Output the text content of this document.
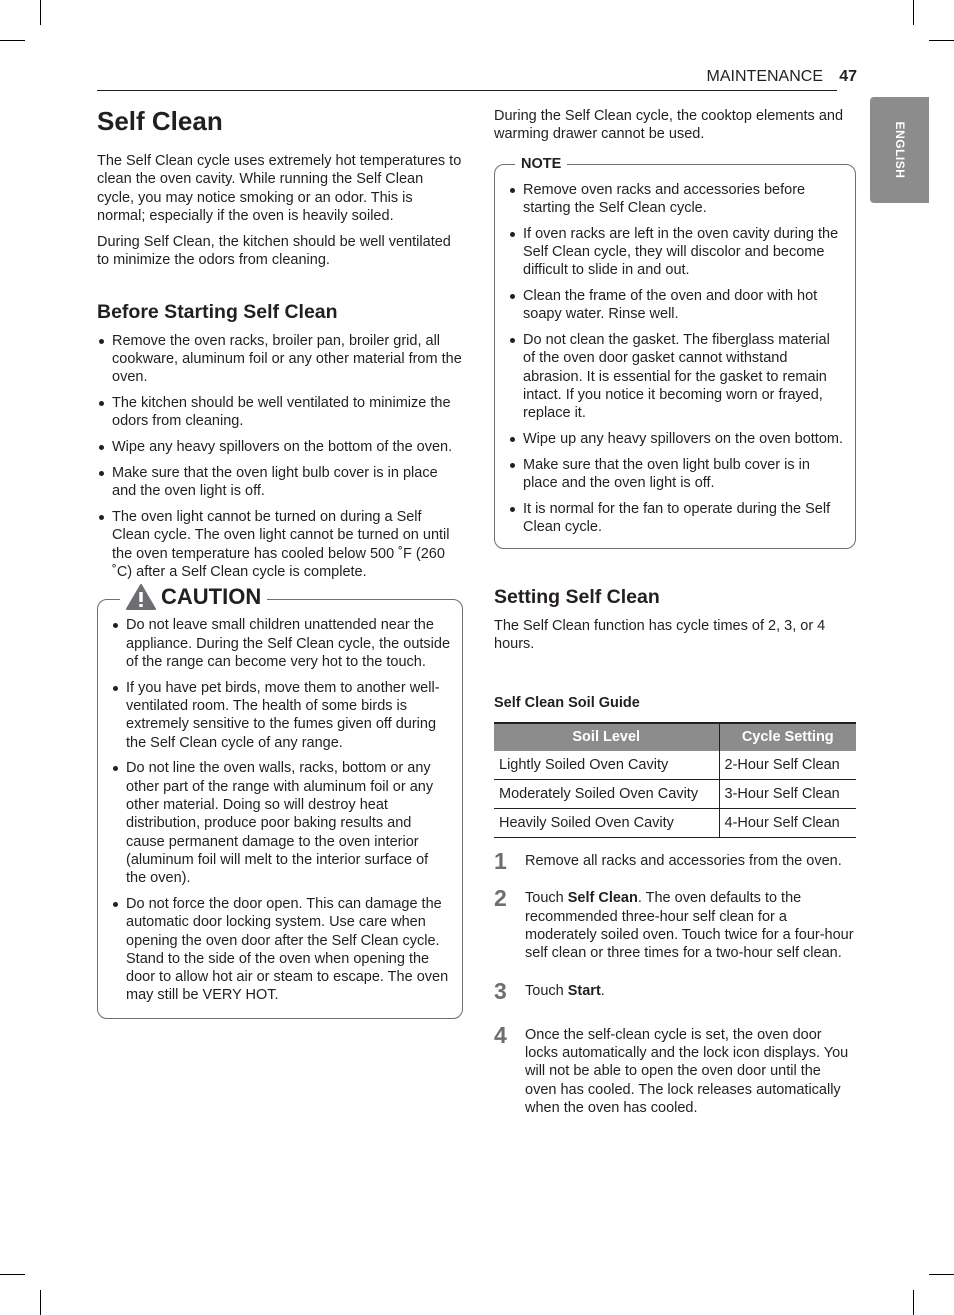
MAINTENANCE 47
ENGLISH
Self Clean

The Self Clean cycle uses extremely hot temperatures to clean the oven cavity. While running the Self Clean cycle, you may notice smoking or an odor. This is normal; especially if the oven is heavily soiled.

During Self Clean, the kitchen should be well ventilated to minimize the odors from cleaning.

Before Starting Self Clean
Remove the oven racks, broiler pan, broiler grid, all cookware, aluminum foil or any other material from the oven.
The kitchen should be well ventilated to minimize the odors from cleaning.
Wipe any heavy spillovers on the bottom of the oven.
Make sure that the oven light bulb cover is in place and the oven light is off.
The oven light cannot be turned on during a Self Clean cycle. The oven light cannot be turned on until the oven temperature has cooled below 500 ˚F (260 ˚C) after a Self Clean cycle is complete.
CAUTION
Do not leave small children unattended near the appliance. During the Self Clean cycle, the outside of the range can become very hot to the touch.
If you have pet birds, move them to another well-ventilated room. The health of some birds is extremely sensitive to the fumes given off during the Self Clean cycle of any range.
Do not line the oven walls, racks, bottom or any other part of the range with aluminum foil or any other material. Doing so will destroy heat distribution, produce poor baking results and cause permanent damage to the oven interior (aluminum foil will melt to the interior surface of the oven).
Do not force the door open. This can damage the automatic door locking system. Use care when opening the oven door after the Self Clean cycle. Stand to the side of the oven when opening the door to allow hot air or steam to escape. The oven may still be VERY HOT.

During the Self Clean cycle, the cooktop elements and warming drawer cannot be used.

NOTE
Remove oven racks and accessories before starting the Self Clean cycle.
If oven racks are left in the oven cavity during the Self Clean cycle, they will discolor and become difficult to slide in and out.
Clean the frame of the oven and door with hot soapy water. Rinse well.
Do not clean the gasket. The fiberglass material of the oven door gasket cannot withstand abrasion. It is essential for the gasket to remain intact. If you notice it becoming worn or frayed, replace it.
Wipe up any heavy spillovers on the oven bottom.
Make sure that the oven light bulb cover is in place and the oven light is off.
It is normal for the fan to operate during the Self Clean cycle.
Setting Self Clean

The Self Clean function has cycle times of 2, 3, or 4 hours.

Self Clean Soil Guide
Soil Level	Cycle Setting
Lightly Soiled Oven Cavity	2-Hour Self Clean
Moderately Soiled Oven Cavity	3-Hour Self Clean
Heavily Soiled Oven Cavity	4-Hour Self Clean
1 Remove all racks and accessories from the oven.
2 Touch Self Clean. The oven defaults to the recommended three-hour self clean for a moderately soiled oven. Touch twice for a four-hour self clean or three times for a two-hour self clean.
3 Touch Start.
4 Once the self-clean cycle is set, the oven door locks automatically and the lock icon displays. You will not be able to open the oven door until the oven has cooled. The lock releases automatically when the oven has cooled.
